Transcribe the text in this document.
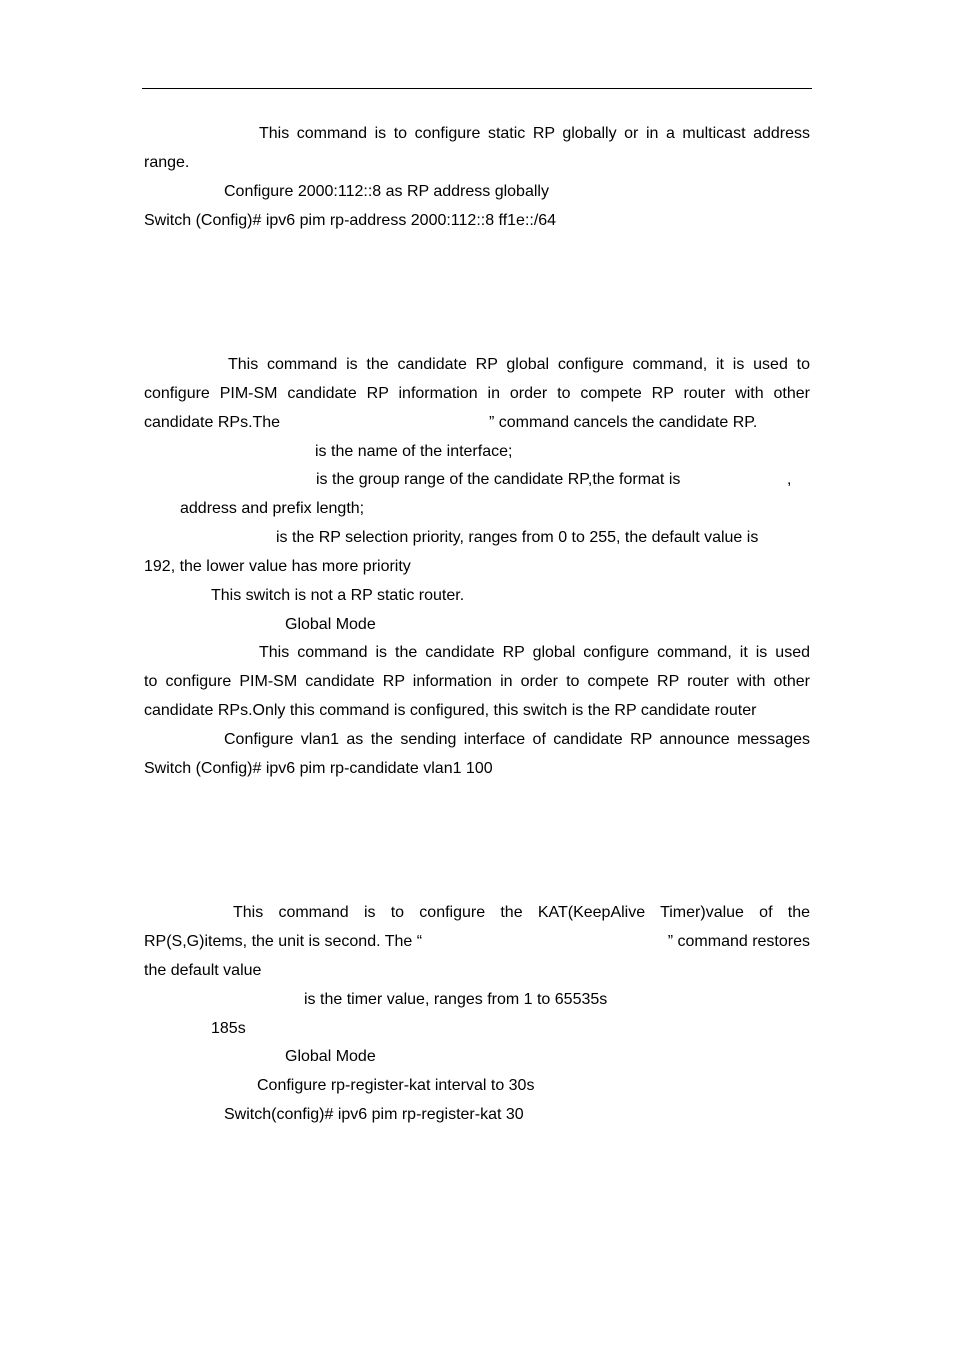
This command is to configure static RP globally or in a multicast address
range.
Configure 2000:112::8 as RP address globally
Switch (Config)# ipv6 pim rp-address 2000:112::8 ff1e::/64
This command is the candidate RP global configure command, it is used to
configure PIM-SM candidate RP information in order to compete RP router with other
candidate RPs.The	” command cancels the candidate RP.
is the name of the interface;
is the group range of the candidate RP,the format is	,
address and prefix length;
is the RP selection priority, ranges from 0 to 255, the default value is
192, the lower value has more priority
This switch is not a RP static router.
Global Mode
This command is the candidate RP global configure command, it is used
to configure PIM-SM candidate RP information in order to compete RP router with other
candidate RPs.Only this command is configured, this switch is the RP candidate router
Configure vlan1 as the sending interface of candidate RP announce messages
Switch (Config)# ipv6 pim rp-candidate vlan1 100
This command is to configure the KAT(KeepAlive Timer)value of the
RP(S,G)items, the unit is second. The “	” command restores
the default value
is the timer value, ranges from 1 to 65535s
185s
Global Mode
Configure rp-register-kat interval to 30s
Switch(config)# ipv6 pim rp-register-kat 30
